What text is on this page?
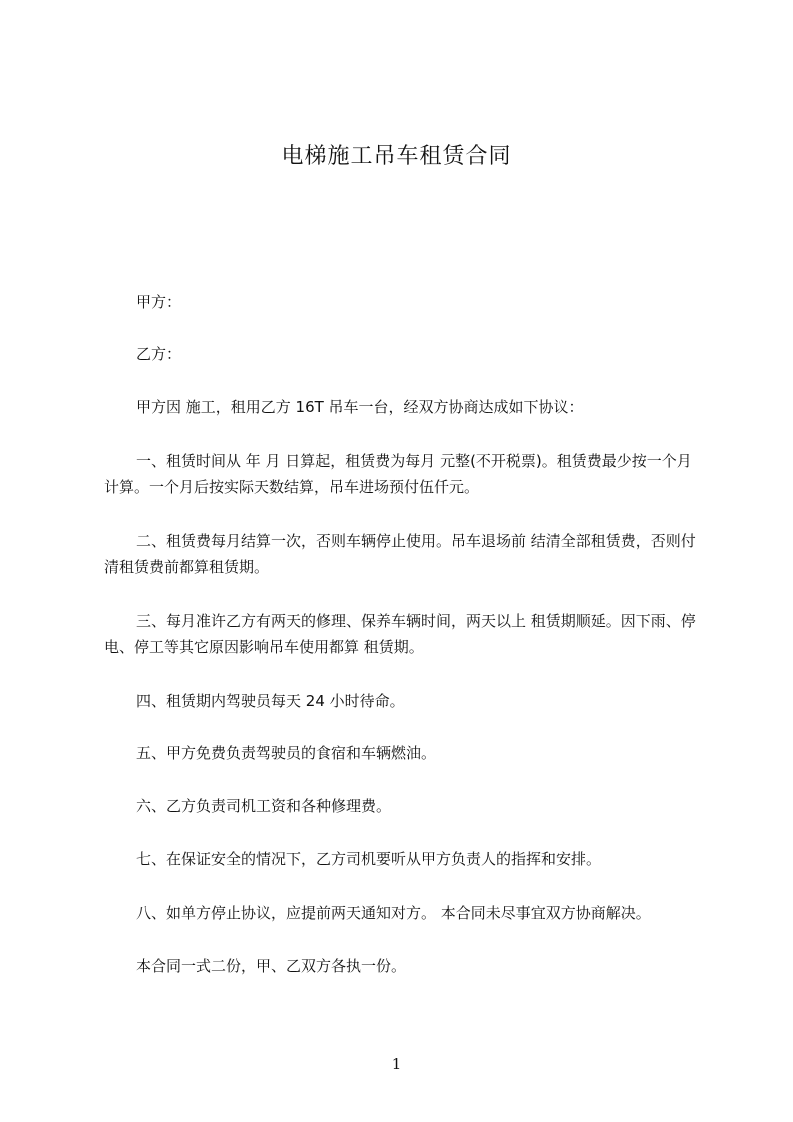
电梯施工吊车租赁合同

甲方：

乙方：

甲方因 施工，租用乙方 16T 吊车一台，经双方协商达成如下协议：

一、租赁时间从 年 月 日算起，租赁费为每月 元整(不开税票)。租赁费最少按一个月计算。一个月后按实际天数结算，吊车进场预付伍仟元。

二、租赁费每月结算一次，否则车辆停止使用。吊车退场前 结清全部租赁费，否则付清租赁费前都算租赁期。

三、每月准许乙方有两天的修理、保养车辆时间，两天以上 租赁期顺延。因下雨、停电、停工等其它原因影响吊车使用都算 租赁期。

四、租赁期内驾驶员每天 24 小时待命。

五、甲方免费负责驾驶员的食宿和车辆燃油。

六、乙方负责司机工资和各种修理费。

七、在保证安全的情况下，乙方司机要听从甲方负责人的指挥和安排。

八、如单方停止协议，应提前两天通知对方。 本合同未尽事宜双方协商解决。

本合同一式二份，甲、乙双方各执一份。

1
